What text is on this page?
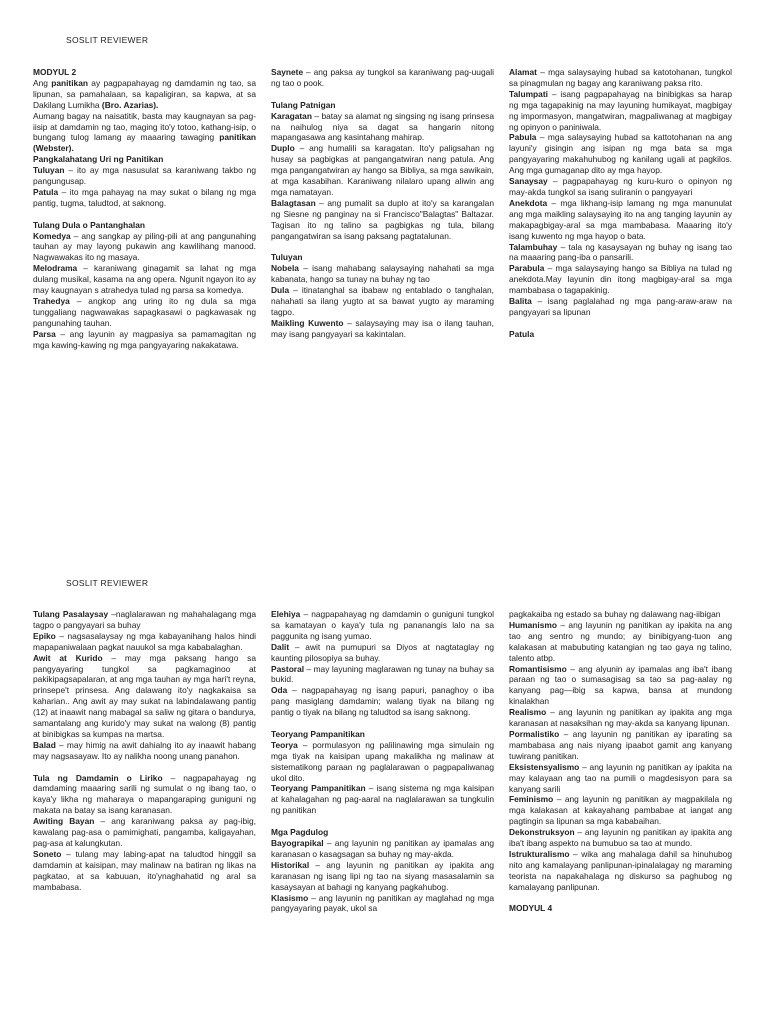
SOSLIT REVIEWER

MODYUL 2

Ang panitikan ay pagpapahayag ng damdamin ng tao, sa lipunan, sa pamahalaan, sa kapaligiran, sa kapwa, at sa Dakilang Lumikha (Bro. Azarias).

Aumang bagay na naisatitik, basta may kaugnayan sa pag-iisip at damdamin ng tao, maging ito'y totoo, kathang-isip, o bungang tulog lamang ay maaaring tawaging panitikan (Webster).

Pangkalahatang Uri ng Panitikan

Tuluyan – ito ay mga nasusulat sa karaniwang takbo ng pangungusap.

Patula – ito mga pahayag na may sukat o bilang ng mga pantig, tugma, taludtod, at saknong.

Tulang Dula o Pantanghalan

Komedya – ang sangkap ay piling-pili at ang pangunahing tauhan ay may layong pukawin ang kawilihang manood. Nagwawakas ito ng masaya.

Melodrama – karaniwang ginagamit sa lahat ng mga dulang musikal, kasama na ang opera. Ngunit ngayon ito ay may kaugnayan s atrahedya tulad ng parsa sa komedya.

Trahedya – angkop ang uring ito ng dula sa mga tunggaliang nagwawakas sapagkasawi o pagkawasak ng pangunahing tauhan.

Parsa – ang layunin ay magpasiya sa pamamagitan ng mga kawing-kawing ng mga pangyayaring nakakatawa.

Saynete – ang paksa ay tungkol sa karaniwang pag-uugali ng tao o pook.

Tulang Patnigan

Karagatan – batay sa alamat ng singsing ng isang prinsesa na naihulog niya sa dagat sa hangarin nitong mapangasawa ang kasintahang mahirap.

Duplo – ang humalili sa karagatan. Ito'y paligsahan ng husay sa pagbigkas at pangangatwiran nang patula. Ang mga pangangatwiran ay hango sa Bibliya, sa mga sawikain, at mga kasabihan. Karaniwang nilalaro upang aliwin ang mga namatayan.

Balagtasan – ang pumalit sa duplo at ito'y sa karangalan ng Siesne ng panginay na si Francisco"Balagtas" Baltazar. Tagisan ito ng talino sa pagbigkas ng tula, bilang pangangatwiran sa isang paksang pagtatalunan.

Tuluyan

Nobela – isang mahabang salaysaying nahahati sa mga kabanata, hango sa tunay na buhay ng tao

Dula – itinatanghal sa ibabaw ng entablado o tanghalan, nahahati sa ilang yugto at sa bawat yugto ay maraming tagpo.

Maikling Kuwento – salaysaying may isa o ilang tauhan, may isang pangyayari sa kakintalan.

Alamat – mga salaysaying hubad sa katotohanan, tungkol sa pinagmulan ng bagay ang karaniwang paksa rito.

Talumpati – isang pagpapahayag na binibigkas sa harap ng mga tagapakinig na may layuning humikayat, magbigay ng impormasyon, mangatwiran, magpaliwanag at magbigay ng opinyon o paniniwala.

Pabula – mga salaysaying hubad sa kattotohanan na ang layuni'y gisingin ang isipan ng mga bata sa mga pangyayaring makahuhubog ng kanilang ugali at pagkilos. Ang mga gumaganap dito ay mga hayop.

Sanaysay – pagpapahayag ng kuru-kuro o opinyon ng may-akda tungkol sa isang suliranin o pangyayari

Anekdota – mga likhang-isip lamang ng mga manunulat ang mga maikling salaysaying ito na ang tanging layunin ay makapagbigay-aral sa mga mambabasa. Maaaring ito'y isang kuwento ng mga hayop o bata.

Talambuhay – tala ng kasaysayan ng buhay ng isang tao na maaaring pang-iba o pansarili.

Parabula – mga salaysaying hango sa Bibliya na tulad ng anekdota.May layunin din itong magbigay-aral sa mga mambabasa o tagapakinig.

Balita – isang paglalahad ng mga pang-araw-araw na pangyayari sa lipunan

Patula

SOSLIT REVIEWER

Tulang Pasalaysay –naglalarawan ng mahahalagang mga tagpo o pangyayari sa buhay

Epiko – nagsasalaysay ng mga kabayanihang halos hindi mapapaniwalaan pagkat nauukol sa mga kababalaghan.

Awit at Kurido – may mga paksang hango sa pangyayaring tungkol sa pagkamaginoo at pakikipagsapalaran, at ang mga tauhan ay mga hari't reyna, prinsepe't prinsesa. Ang dalawang ito'y nagkakaisa sa kaharian.. Ang awit ay may sukat na labindalawang pantig (12) at inaawit nang mabagal sa saliw ng gitara o bandurya, samantalang ang kurido'y may sukat na walong (8) pantig at binibigkas sa kumpas na martsa.

Balad – may himig na awit dahialng ito ay inaawit habang may nagsasayaw. Ito ay nalikha noong unang panahon.

Tula ng Damdamin o Liriko – nagpapahayag ng damdaming maaaring sarili ng sumulat o ng ibang tao, o kaya'y likha ng maharaya o mapangaraping guniguni ng makata na batay sa isang karanasan.

Awiting Bayan – ang karaniwang paksa ay pag-ibig, kawalang pag-asa o pamimighati, pangamba, kaligayahan, pag-asa at kalungkutan.

Soneto – tulang may labing-apat na taludtod hinggil sa damdamin at kaisipan, may malinaw na batiran ng likas na pagkatao, at sa kabuuan, ito'ynaghahatid ng aral sa mambabasa.

Elehiya – nagpapahayag ng damdamin o guniguni tungkol sa kamatayan o kaya'y tula ng pananangis lalo na sa paggunita ng isang yumao.

Dalit – awit na pumupuri sa Diyos at nagtataglay ng kaunting pilosopiya sa buhay.

Pastoral – may layuning maglarawan ng tunay na buhay sa bukid.

Oda – nagpapahayag ng isang papuri, panaghoy o iba pang masiglang damdamin; walang tiyak na bilang ng pantig o tiyak na bilang ng taludtod sa isang saknong.

Teoryang Pampanitikan

Teorya – pormulasyon ng palilinawing mga simulain ng mga tiyak na kaisipan upang makalikha ng malinaw at sistematikong paraan ng paglalarawan o pagpapaliwanag ukol dito.

Teoryang Pampanitikan – isang sistema ng mga kaisipan at kahalagahan ng pag-aaral na naglalarawan sa tungkulin ng panitikan

Mga Pagdulog

Bayograpikal – ang layunin ng panitikan ay ipamalas ang karanasan o kasagsagan sa buhay ng may-akda.

Historikal – ang layunin ng panitikan ay ipakita ang karanasan ng isang lipi ng tao na siyang masasalamin sa kasaysayan at bahagi ng kanyang pagkahubog.

Klasismo – ang layunin ng panitikan ay maglahad ng mga pangyayaring payak, ukol sa

pagkakaiba ng estado sa buhay ng dalawang nag-iibigan

Humanismo – ang layunin ng panitikan ay ipakita na ang tao ang sentro ng mundo; ay binibigyang-tuon ang kalakasan at mabubuting katangian ng tao gaya ng talino, talento atbp.

Romantisismo – ang alyunin ay ipamalas ang iba't ibang paraan ng tao o sumasagisag sa tao sa pag-aalay ng kanyang pag—ibig sa kapwa, bansa at mundong kinalakhan

Realismo – ang layunin ng panitikan ay ipakita ang mga karanasan at nasaksihan ng may-akda sa kanyang lipunan.

Pormalistiko – ang layunin ng panitikan ay iparating sa mambabasa ang nais niyang ipaabot gamit ang kanyang tuwirang panitikan.

Eksistensyalismo – ang layunin ng panitikan ay ipakita na may kalayaan ang tao na pumili o magdesisyon para sa kanyang sarili

Feminismo – ang layunin ng panitikan ay magpakilala ng mga kalakasan at kakayahang pambabae at iangat ang pagtingin sa lipunan sa mga kababaihan.

Dekonstruksyon – ang layunin ng panitikan ay ipakita ang iba't ibang aspekto na bumubuo sa tao at mundo.

Istrukturalismo – wika ang mahalaga dahil sa hinuhubog nito ang kamalayang panlipunan-ipinalalagay ng maraming teorista na napakahalaga ng diskurso sa paghubog ng kamalayang panlipunan.

MODYUL 4
